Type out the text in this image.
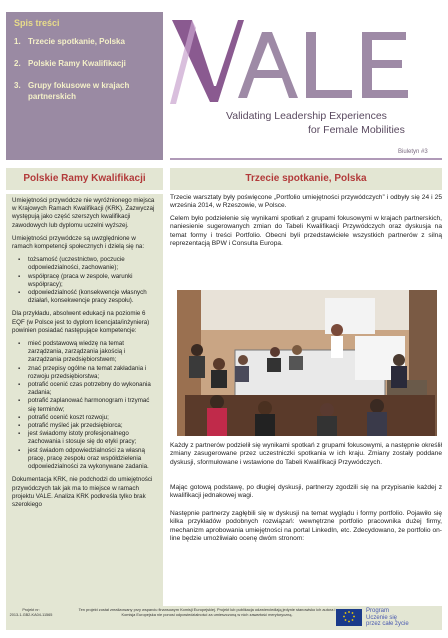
Spis treści
1. Trzecie spotkanie, Polska
2. Polskie Ramy Kwalifikacji
3. Grupy fokusowe w krajach partnerskich
Validating Leadership Experiences
for Female Mobilities
Biuletyn #3
Polskie Ramy Kwalifikacji	Trzecie spotkanie, Polska

Umiejętności przywódcze nie wyróżnionego miejsca w Krajowych Ramach Kwalifikacji (KRK). Zazwyczaj występują jako część szerszych kwalifikacji zawodowych lub dyplomu uczelni wyższej.

Umiejętności przywódcze są uwzględnione w ramach kompetencji społecznych i dzielą się na:

▪ tożsamość (uczestnictwo, poczucie odpowiedzialności, zachowanie);
▪ współpracę (praca w zespole, warunki współpracy);
▪ odpowiedzialność (konsekwencje własnych działań, konsekwencje pracy zespołu).

Dla przykładu, absolwent edukacji na poziomie 6 EQF (w Polsce jest to dyplom licencjata/inżyniera) powinien posiadać następujące kompetencje:

▪ mieć podstawową wiedzę na temat zarządzania, zarządzania jakością i zarządzania przedsiębiorstwem;
▪ znać przepisy ogólne na temat zakładania i rozwoju przedsiębiorstwa;
▪ potrafić ocenić czas potrzebny do wykonania zadania;
▪ potrafić zaplanować harmonogram i trzymać się terminów;
▪ potrafić ocenić koszt rozwoju;
▪ potrafić myśleć jak przedsiębiorca;
▪ jest świadomy istoty profesjonalnego zachowania i stosuje się do etyki pracy;
▪ jest świadom odpowiedzialności za własną pracę, pracę zespołu oraz współdzielenia odpowiedzialności za wykonywane zadania.

Dokumentacja KRK, nie podchodzi do umiejętności przywódczych tak jak ma to miejsce w ramach projektu VALE. Analiza KRK podkreśla tylko brak szerokiego

Trzecie warsztaty były poświęcone „Portfolio umiejętności przywódczych” i odbyły się 24 i 25 września 2014, w Rzeszowie, w Polsce.

Celem było podzielenie się wynikami spotkań z grupami fokusowymi w krajach partnerskich, naniesienie sugerowanych zmian do Tabeli Kwalifikacji Przywódczych oraz dyskusja na temat formy i treści Portfolio. Obecni byli przedstawiciele wszystkich partnerów z silną reprezentacją BPW i Consulta Europa.

Każdy z partnerów podzielił się wynikami spotkań z grupami fokusowymi, a następnie określił zmiany zasugerowane przez uczestniczki spotkania w ich kraju. Zmiany zostały poddane dyskusji, sformułowane i wstawione do Tabeli Kwalifikacji Przywódczych.

Mając gotową podstawę, po długiej dyskusji, partnerzy zgodzili się na przypisanie każdej z kwalifikacji jednakowej wagi.

Następnie partnerzy zagłębili się w dyskusji na temat wyglądu i formy portfolio. Pojawiło się kilka przykładów podobnych rozwiązań: wewnętrzne portfolio pracownika dużej firmy, mechanizm aprobowania umiejętności na portal LinkedIn, etc. Zdecydowano, że portfolio on-line będzie umożliwiało ocenę dwóm stronom:

Projekt nr:
2013-1-GB2-KA04-11565
Ten projekt został zrealizowany przy wsparciu finansowym Komisji Europejskiej. Projekt lub publikacja odzwierciedlają jedynie stanowisko ich autora i Komisja Europejska nie ponosi odpowiedzialności za umieszczoną w nich zawartość merytoryczną.
Program
Uczenie się
przez całe życie
